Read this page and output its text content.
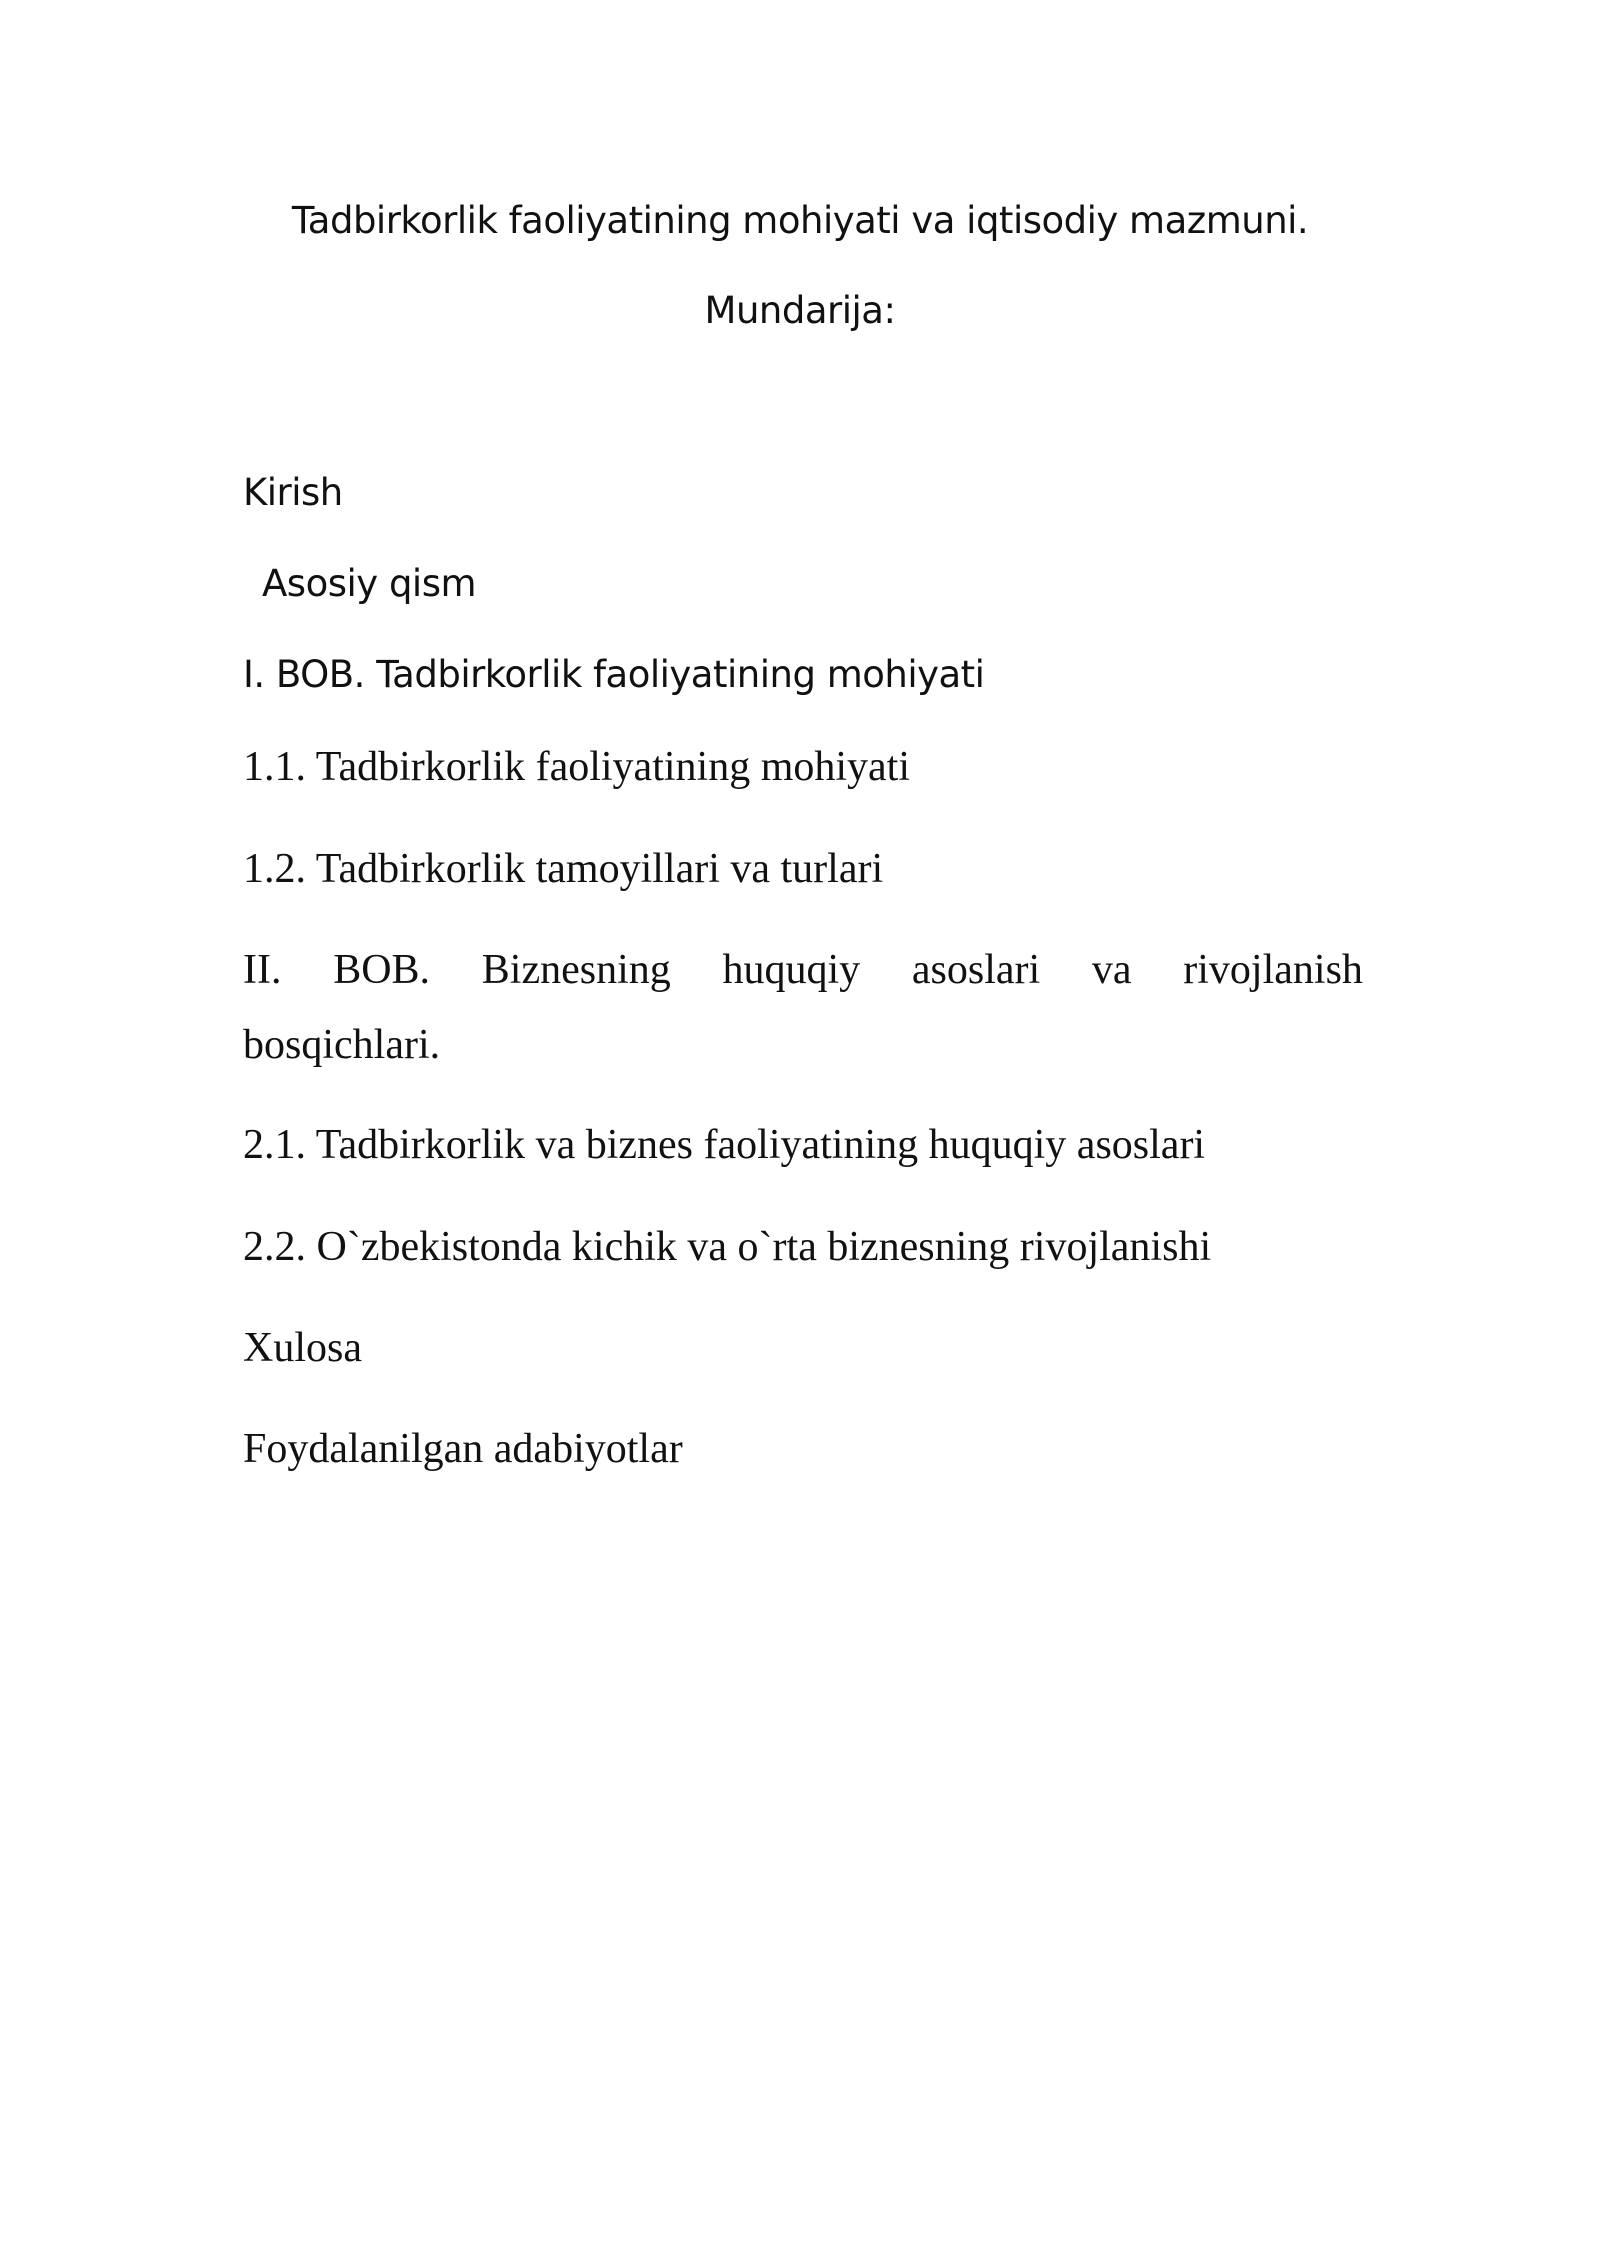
Tadbirkorlik faoliyatining mohiyati va iqtisodiy mazmuni.
Mundarija:
Kirish
Asosiy qism
I. BOB. Tadbirkorlik faoliyatining mohiyati
1.1. Tadbirkorlik faoliyatining mohiyati
1.2. Tadbirkorlik tamoyillari va turlari
II. BOB. Biznesning huquqiy asoslari va rivojlanish
bosqichlari.
2.1. Tadbirkorlik va biznes faoliyatining huquqiy asoslari
2.2. O`zbekistonda kichik va o`rta biznesning rivojlanishi
Xulosa
Foydalanilgan adabiyotlar
